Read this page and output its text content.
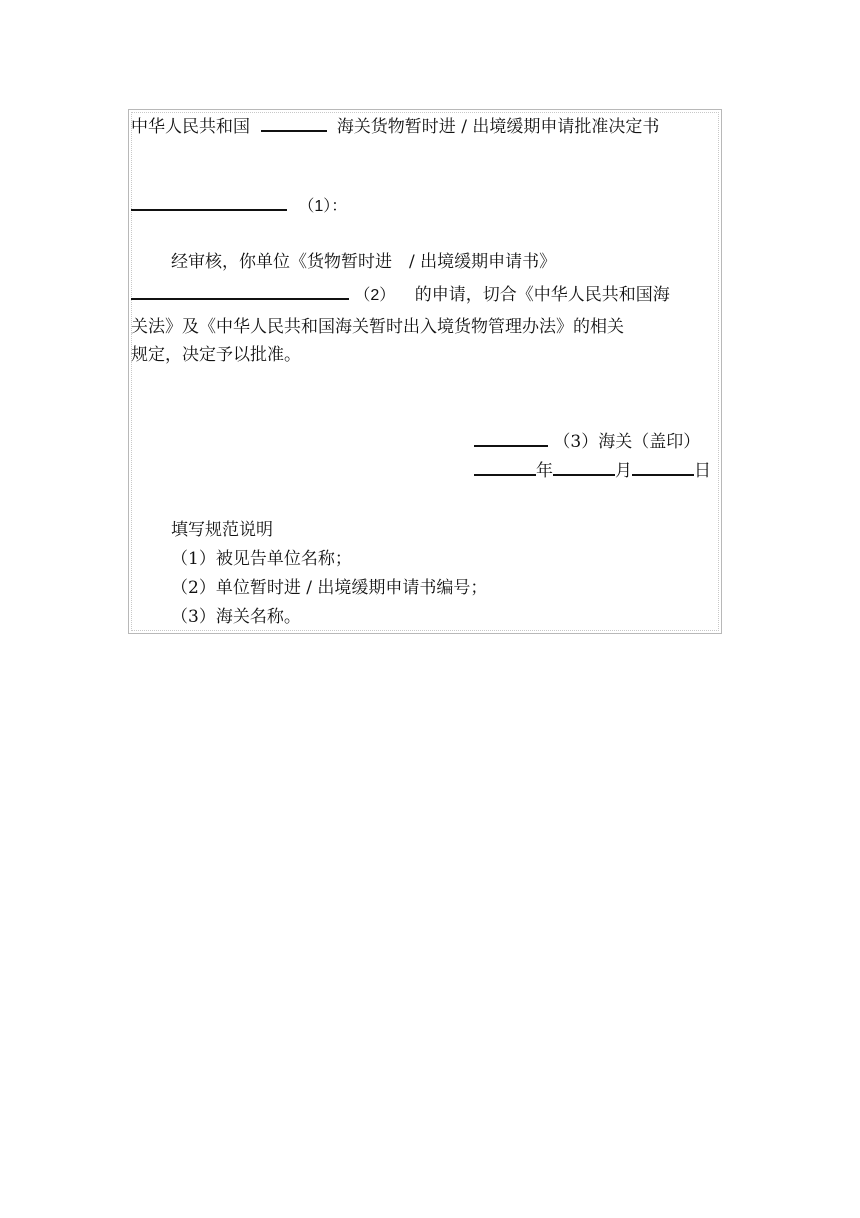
中华人民共和国	海关货物暂时进 / 出境缓期申请批准决定书
（1）：
经审核，你单位《货物暂时进　/ 出境缓期申请书》
（2） 的申请，切合《中华人民共和国海
关法》及《中华人民共和国海关暂时出入境货物管理办法》的相关
规定，决定予以批准。
（3）海关（盖印）
年	月	日
填写规范说明
（1）被见告单位名称；
（2）单位暂时进 / 出境缓期申请书编号；
（3）海关名称。
